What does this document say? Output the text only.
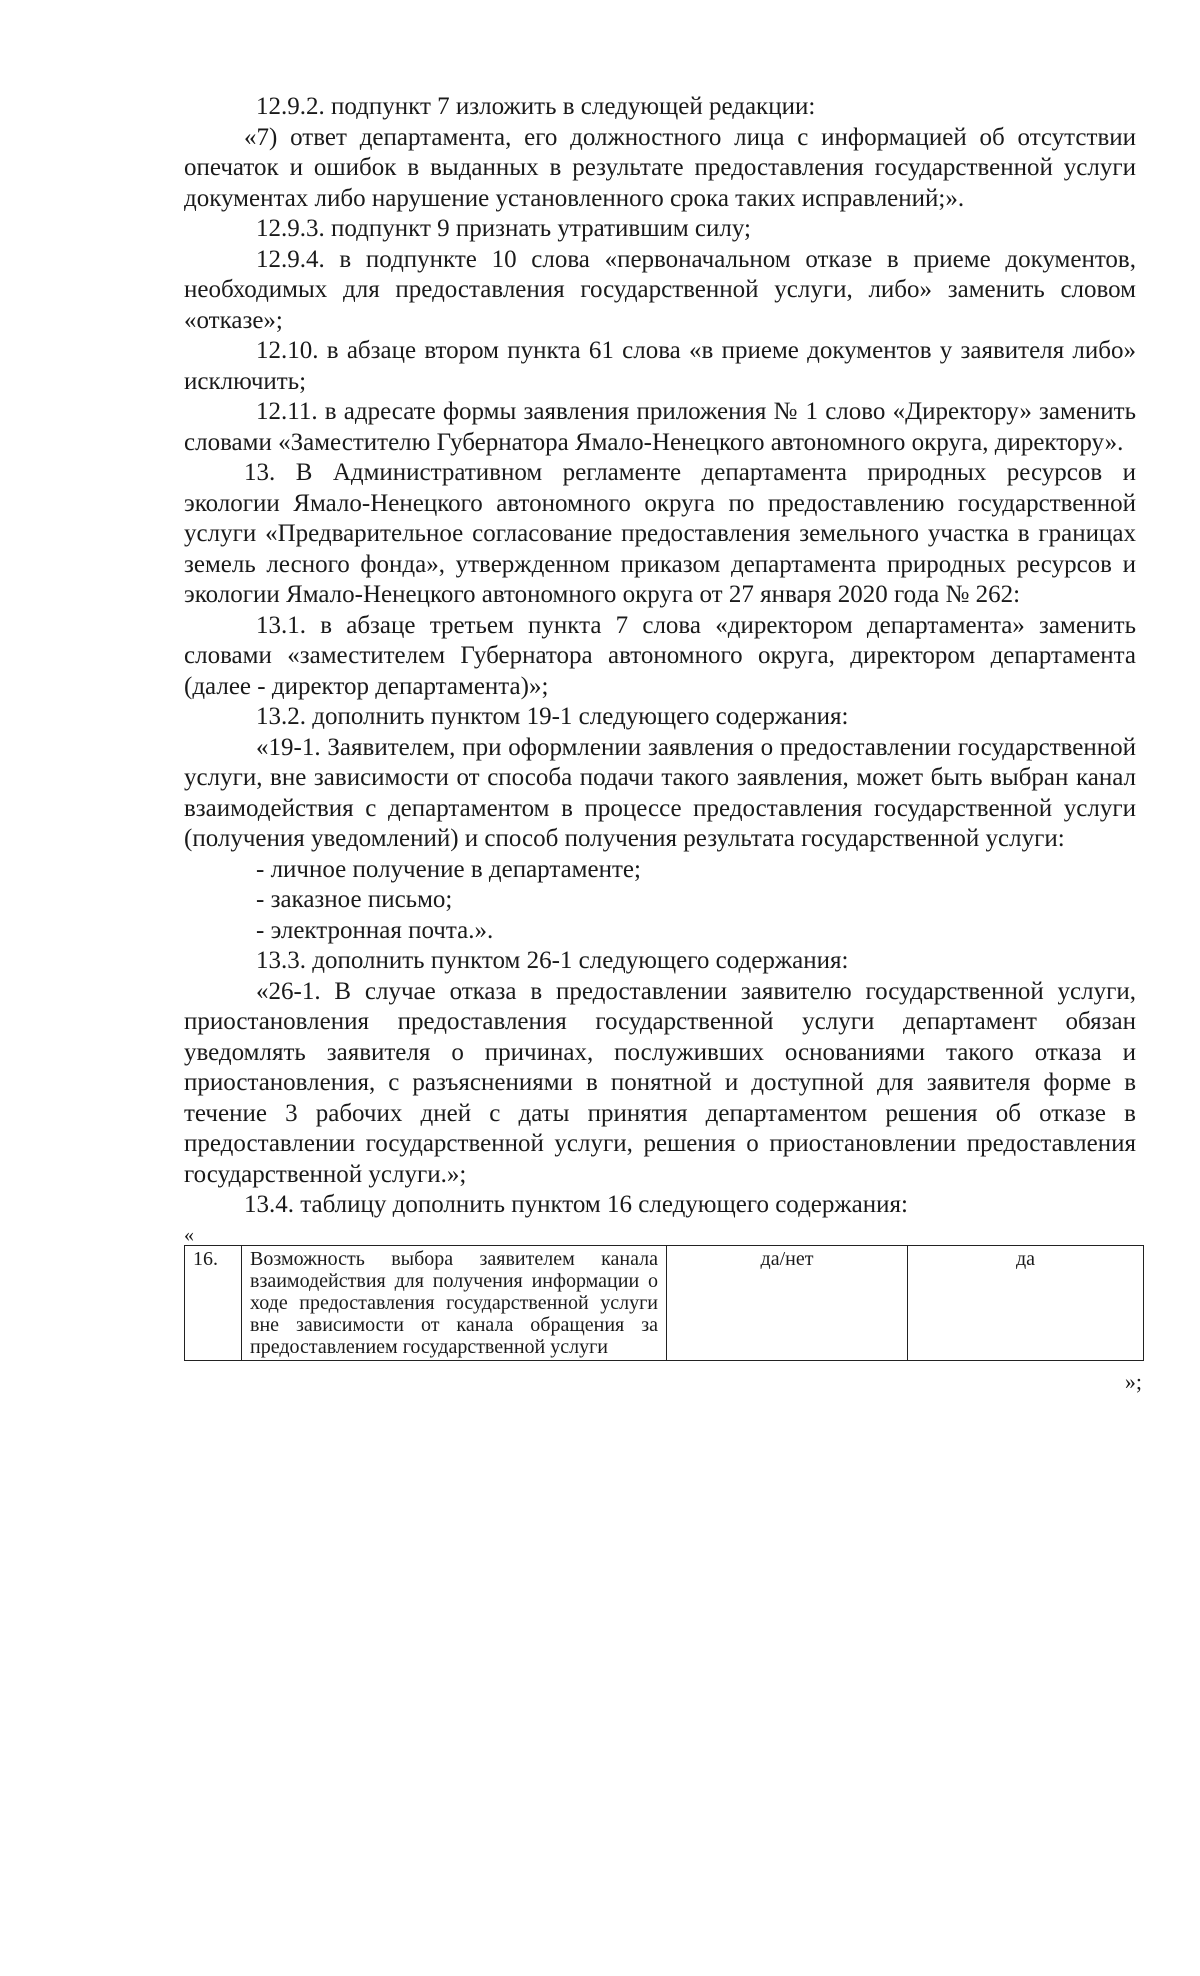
12.9.2. подпункт 7 изложить в следующей редакции:

«7) ответ департамента, его должностного лица с информацией об отсутствии опечаток и ошибок в выданных в результате предоставления государственной услуги документах либо нарушение установленного срока таких исправлений;».

12.9.3. подпункт 9 признать утратившим силу;

12.9.4. в подпункте 10 слова «первоначальном отказе в приеме документов, необходимых для предоставления государственной услуги, либо» заменить словом «отказе»;

12.10. в абзаце втором пункта 61 слова «в приеме документов у заявителя либо» исключить;

12.11. в адресате формы заявления приложения № 1 слово «Директору» заменить словами «Заместителю Губернатора Ямало-Ненецкого автономного округа, директору».

13. В Административном регламенте департамента природных ресурсов и экологии Ямало-Ненецкого автономного округа по предоставлению государственной услуги «Предварительное согласование предоставления земельного участка в границах земель лесного фонда», утвержденном приказом департамента природных ресурсов и экологии Ямало-Ненецкого автономного округа от 27 января 2020 года № 262:

13.1. в абзаце третьем пункта 7 слова «директором департамента» заменить словами «заместителем Губернатора автономного округа, директором департамента (далее - директор департамента)»;

13.2. дополнить пунктом 19-1 следующего содержания:

«19-1. Заявителем, при оформлении заявления о предоставлении государственной услуги, вне зависимости от способа подачи такого заявления, может быть выбран канал взаимодействия с департаментом в процессе предоставления государственной услуги (получения уведомлений) и способ получения результата государственной услуги:

- личное получение в департаменте;

- заказное письмо;

- электронная почта.».

13.3. дополнить пунктом 26-1 следующего содержания:

«26-1. В случае отказа в предоставлении заявителю государственной услуги, приостановления предоставления государственной услуги департамент обязан уведомлять заявителя о причинах, послуживших основаниями такого отказа и приостановления, с разъяснениями в понятной и доступной для заявителя форме в течение 3 рабочих дней с даты принятия департаментом решения об отказе в предоставлении государственной услуги, решения о приостановлении предоставления государственной услуги.»;

13.4. таблицу дополнить пунктом 16 следующего содержания:

«
16.	Возможность выбора заявителем канала взаимодействия для получения информации о ходе предоставления государственной услуги вне зависимости от канала обращения за предоставлением государственной услуги	да/нет	да
»;
